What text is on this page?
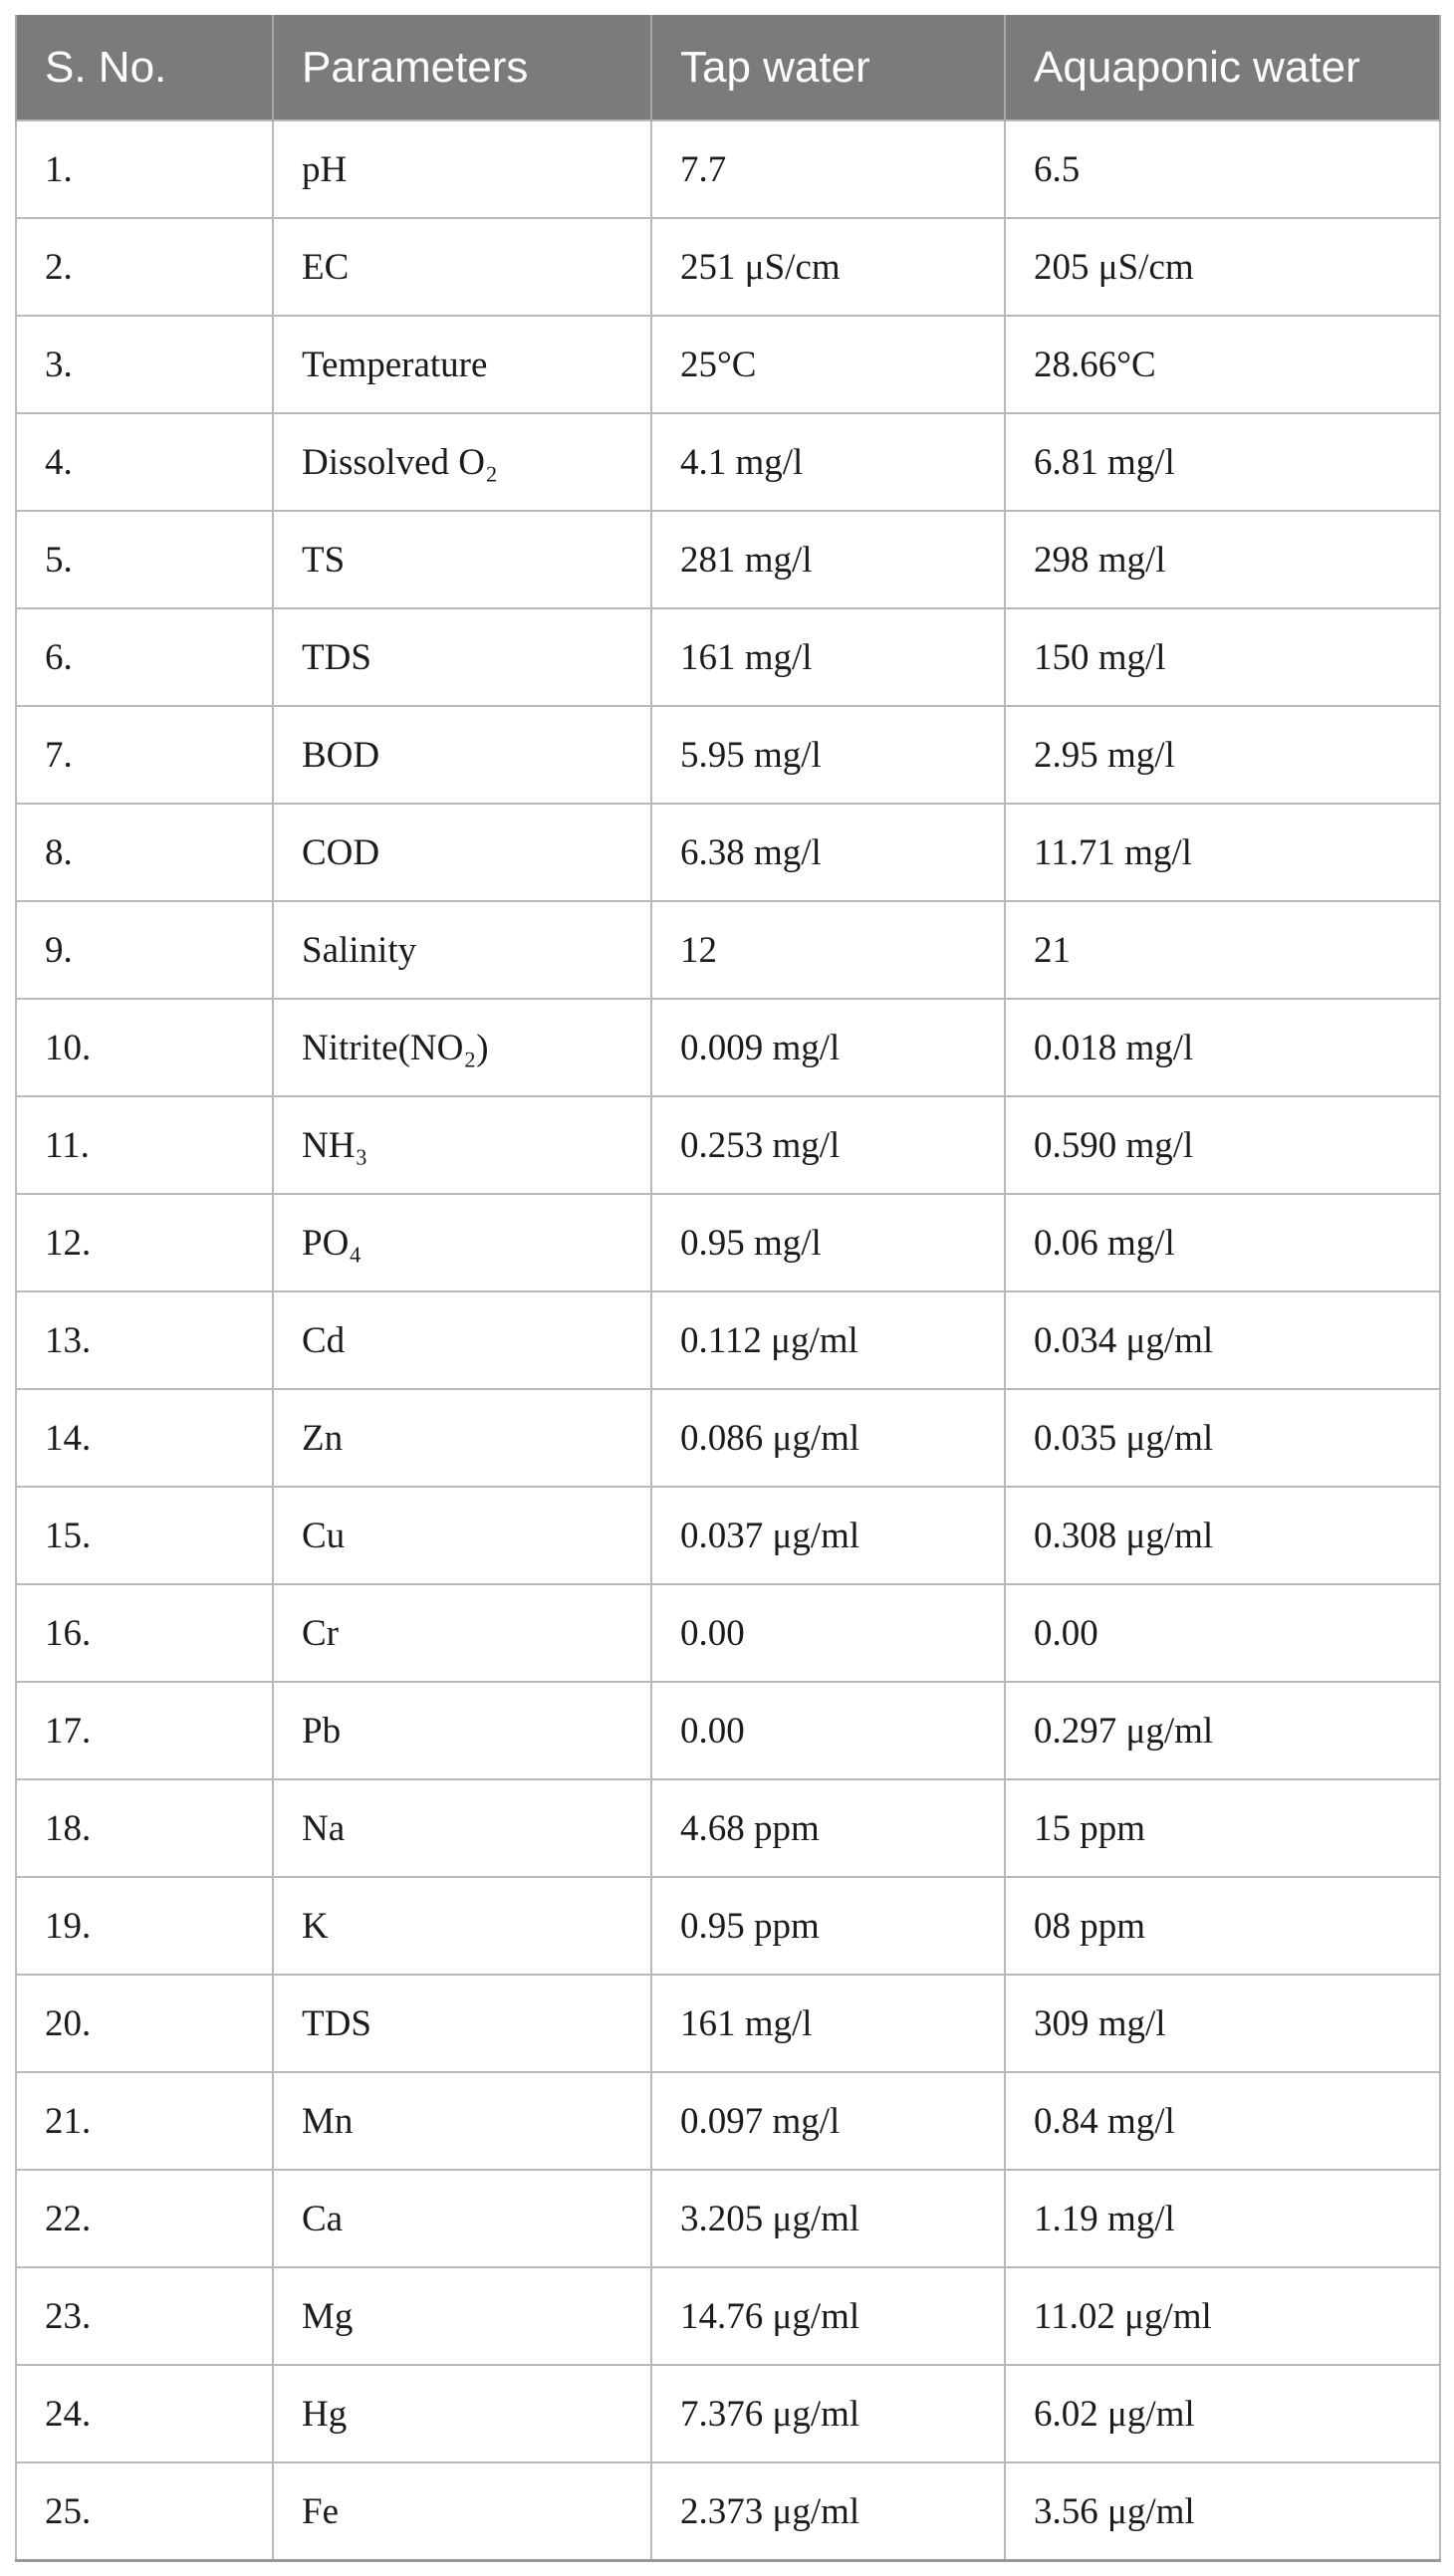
S. No.	Parameters	Tap water	Aquaponic water
1.	pH	7.7	6.5
2.	EC	251 μS/cm	205 μS/cm
3.	Temperature	25°C	28.66°C
4.	Dissolved O₂	4.1 mg/l	6.81 mg/l
5.	TS	281 mg/l	298 mg/l
6.	TDS	161 mg/l	150 mg/l
7.	BOD	5.95 mg/l	2.95 mg/l
8.	COD	6.38 mg/l	11.71 mg/l
9.	Salinity	12	21
10.	Nitrite(NO₂)	0.009 mg/l	0.018 mg/l
11.	NH₃	0.253 mg/l	0.590 mg/l
12.	PO₄	0.95 mg/l	0.06 mg/l
13.	Cd	0.112 μg/ml	0.034 μg/ml
14.	Zn	0.086 μg/ml	0.035 μg/ml
15.	Cu	0.037 μg/ml	0.308 μg/ml
16.	Cr	0.00	0.00
17.	Pb	0.00	0.297 μg/ml
18.	Na	4.68 ppm	15 ppm
19.	K	0.95 ppm	08 ppm
20.	TDS	161 mg/l	309 mg/l
21.	Mn	0.097 mg/l	0.84 mg/l
22.	Ca	3.205 μg/ml	1.19 mg/l
23.	Mg	14.76 μg/ml	11.02 μg/ml
24.	Hg	7.376 μg/ml	6.02 μg/ml
25.	Fe	2.373 μg/ml	3.56 μg/ml
